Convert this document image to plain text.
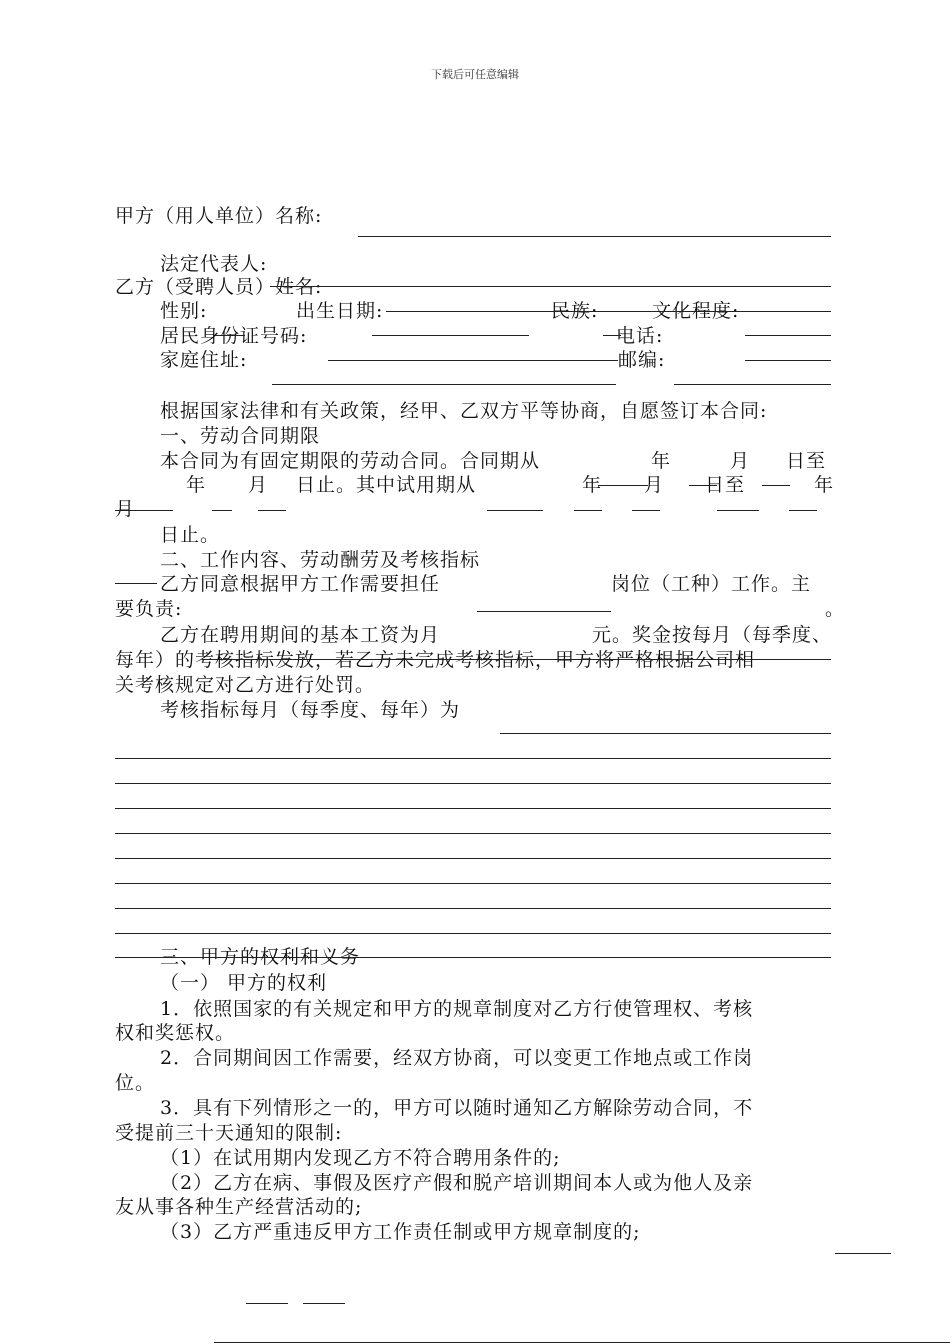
下载后可任意编辑
甲方（用人单位）名称:
法定代表人:
乙方（受聘人员）姓名:
性别:	出生日期:	民族:	文化程度:
居民身份证号码:	电话:
家庭住址:	邮编:
根据国家法律和有关政策，经甲、乙双方平等协商，自愿签订本合同:
一、劳动合同期限
本合同为有固定期限的劳动合同。合同期从	年	月 日至
年 月 日止。其中试用期从	年 月 日至	年
月
日止。
二、工作内容、劳动酬劳及考核指标
乙方同意根据甲方工作需要担任	岗位（工种）工作。主
要负责:	。
乙方在聘用期间的基本工资为月	元。奖金按每月（每季度、
每年）的考核指标发放，若乙方未完成考核指标，甲方将严格根据公司相
关考核规定对乙方进行处罚。
考核指标每月（每季度、每年）为
三、甲方的权利和义务
（一） 甲方的权利
1．依照国家的有关规定和甲方的规章制度对乙方行使管理权、考核
权和奖惩权。
2．合同期间因工作需要，经双方协商，可以变更工作地点或工作岗
位。
3．具有下列情形之一的，甲方可以随时通知乙方解除劳动合同，不
受提前三十天通知的限制:
（1）在试用期内发现乙方不符合聘用条件的;
（2）乙方在病、事假及医疗产假和脱产培训期间本人或为他人及亲
友从事各种生产经营活动的;
（3）乙方严重违反甲方工作责任制或甲方规章制度的;
